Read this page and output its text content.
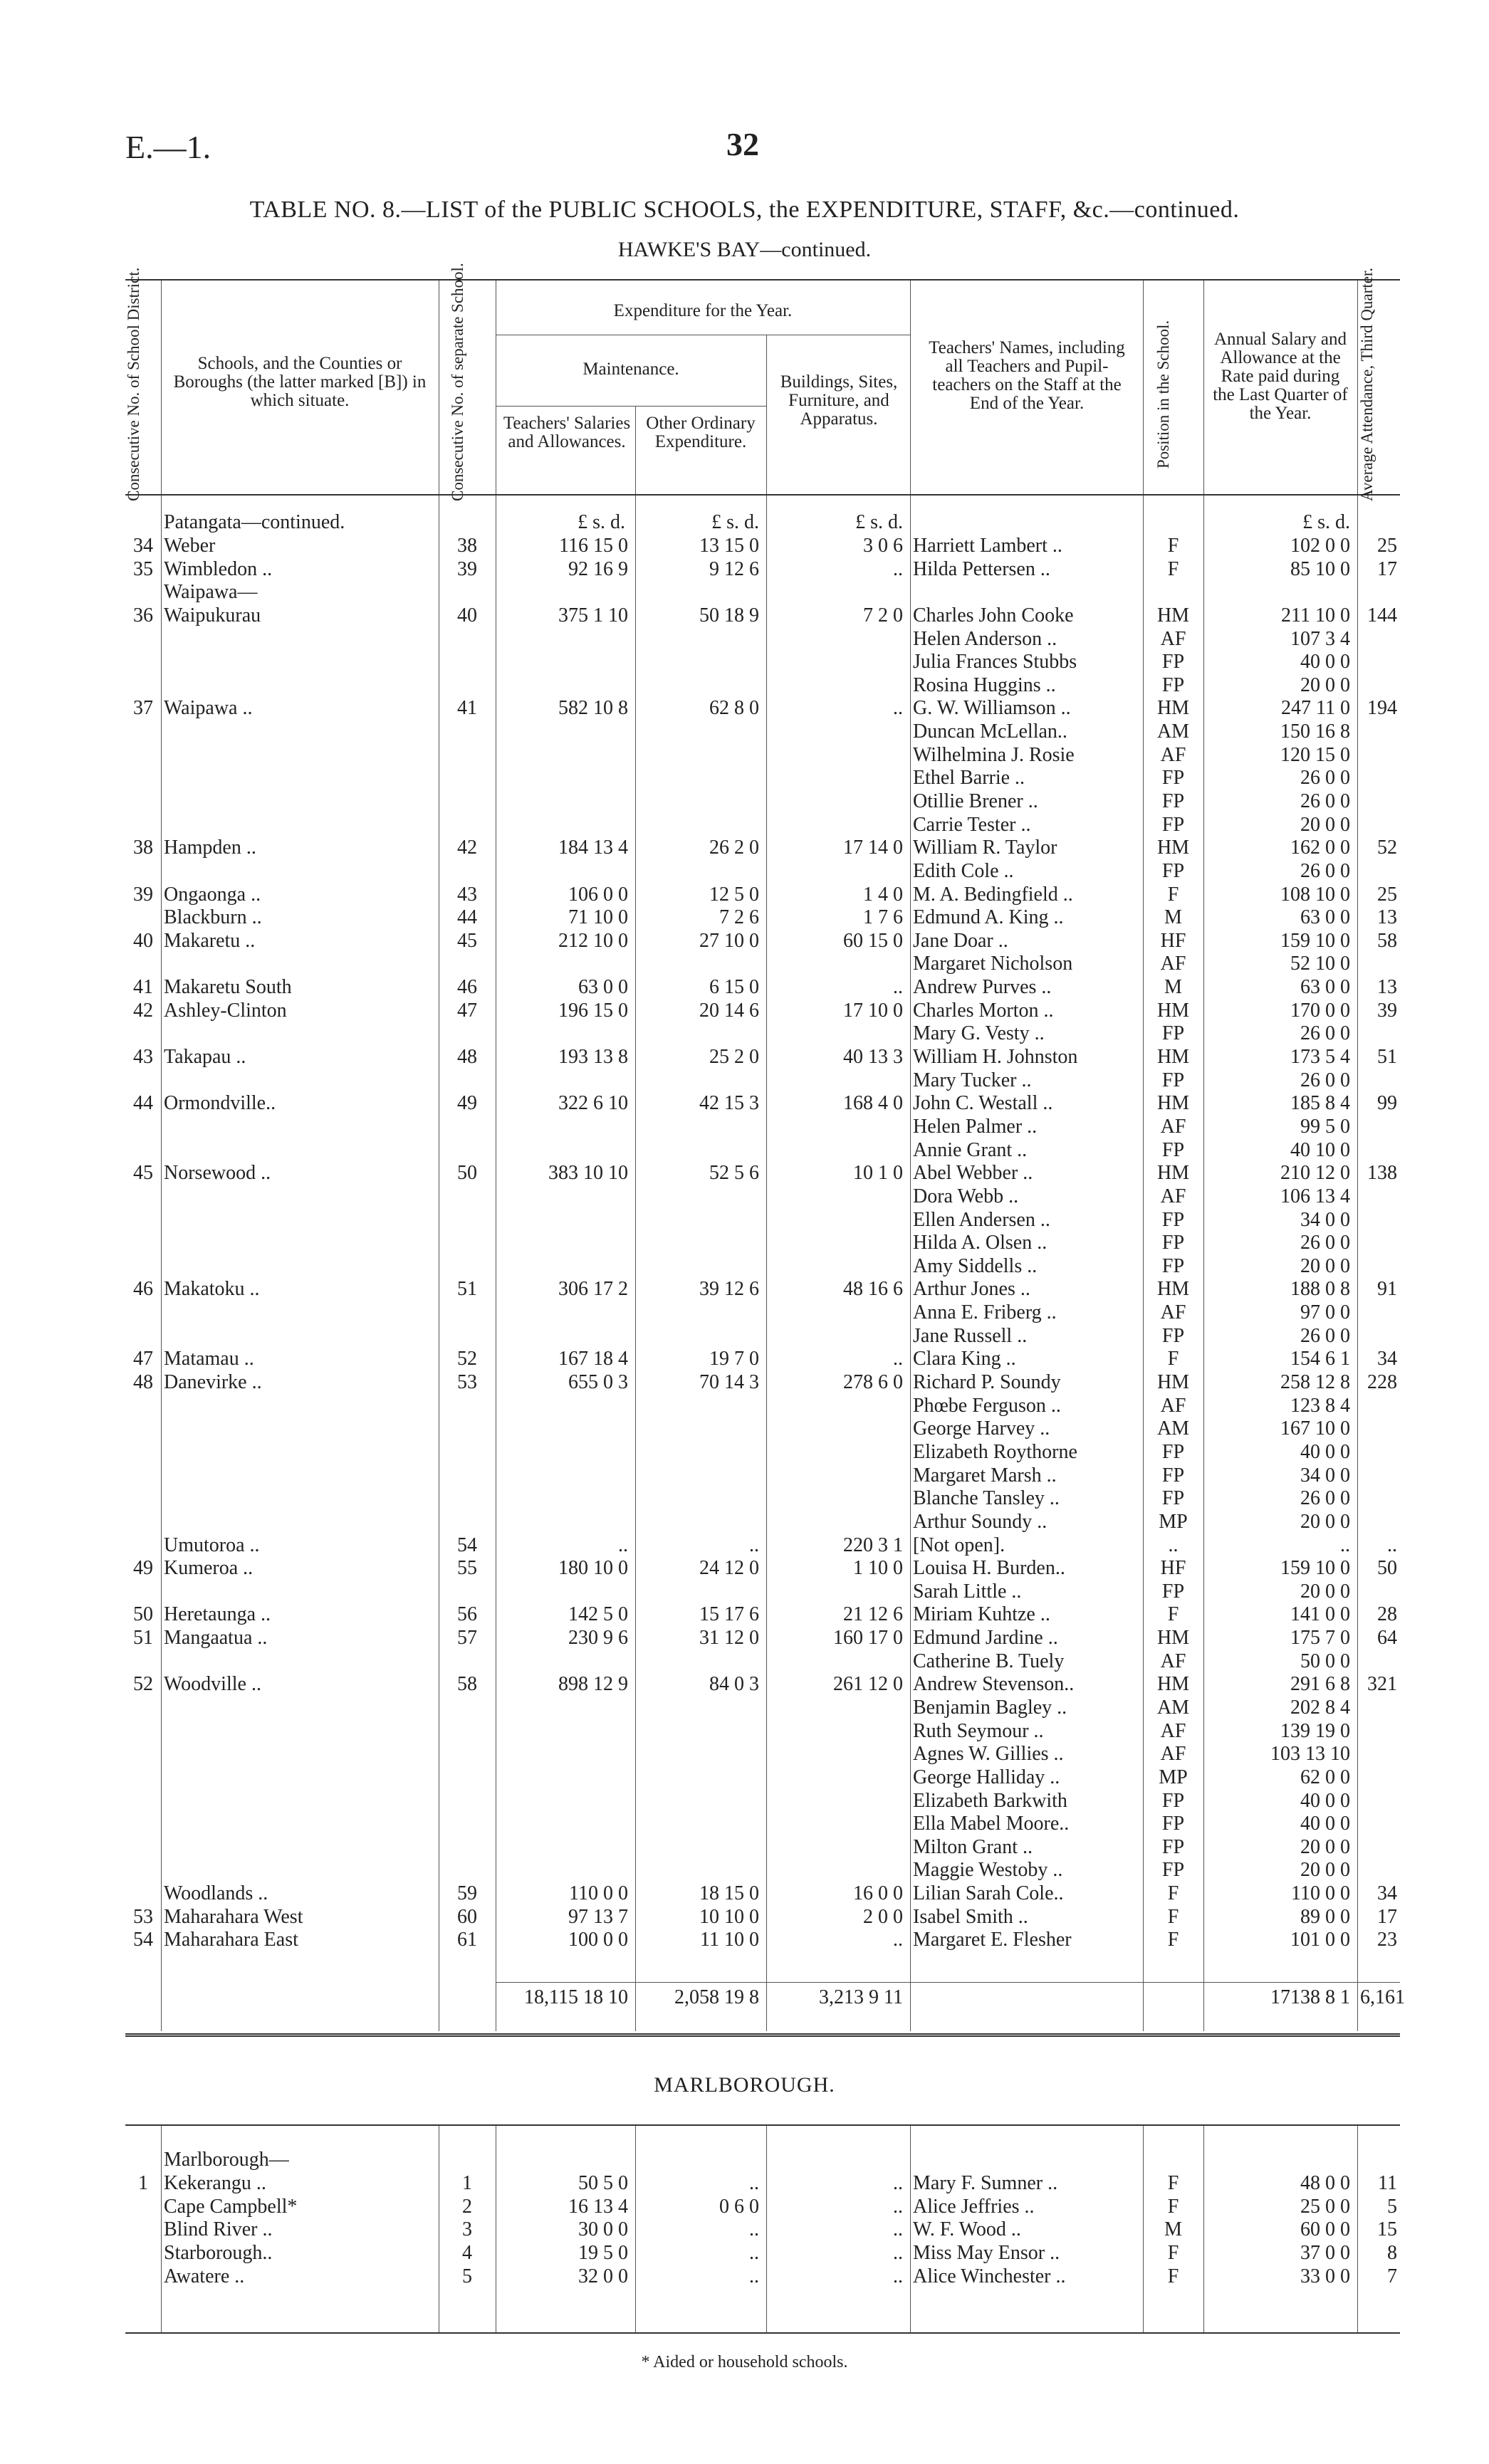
E.—1.	32
TABLE NO. 8.—LIST of the PUBLIC SCHOOLS, the EXPENDITURE, STAFF, &c.—continued.
HAWKE'S BAY—continued.
Consecutive No. of School District.	Schools, and the Counties or Boroughs (the latter marked [B]) in which situate.	Consecutive No. of separate School.	Expenditure for the Year.
Maintenance.
Teachers' Salaries and Allowances.
Other Ordinary Expenditure.
Buildings, Sites, Furniture, and Apparatus.
Teachers' Names, including all Teachers and Pupil-teachers on the Staff at the End of the Year.	Position in the School.	Annual Salary and Allowance at the Rate paid during the Last Quarter of the Year.	Average Attendance, Third Quarter.
£ s. d.	£ s. d.	£ s. d.	£ s. d.
	Patangata—continued.								
34	Weber	38	116 15 0	13 15 0	3 0 6	Harriett Lambert ..	F	102 0 0	25
35	Wimbledon ..	39	92 16 9	9 12 6	..	Hilda Pettersen ..	F	85 10 0	17
	Waipawa—								
36	Waipukurau	40	375 1 10	50 18 9	7 2 0	Charles John Cooke	HM	211 10 0	144
						Helen Anderson ..	AF	107 3 4	
						Julia Frances Stubbs	FP	40 0 0	
						Rosina Huggins ..	FP	20 0 0	
37	Waipawa ..	41	582 10 8	62 8 0	..	G. W. Williamson ..	HM	247 11 0	194
						Duncan McLellan..	AM	150 16 8	
						Wilhelmina J. Rosie	AF	120 15 0	
						Ethel Barrie ..	FP	26 0 0	
						Otillie Brener ..	FP	26 0 0	
						Carrie Tester ..	FP	20 0 0	
38	Hampden ..	42	184 13 4	26 2 0	17 14 0	William R. Taylor	HM	162 0 0	52
						Edith Cole ..	FP	26 0 0	
39	Ongaonga ..	43	106 0 0	12 5 0	1 4 0	M. A. Bedingfield ..	F	108 10 0	25
	Blackburn ..	44	71 10 0	7 2 6	1 7 6	Edmund A. King ..	M	63 0 0	13
40	Makaretu ..	45	212 10 0	27 10 0	60 15 0	Jane Doar ..	HF	159 10 0	58
						Margaret Nicholson	AF	52 10 0	
41	Makaretu South	46	63 0 0	6 15 0	..	Andrew Purves ..	M	63 0 0	13
42	Ashley-Clinton	47	196 15 0	20 14 6	17 10 0	Charles Morton ..	HM	170 0 0	39
						Mary G. Vesty ..	FP	26 0 0	
43	Takapau ..	48	193 13 8	25 2 0	40 13 3	William H. Johnston	HM	173 5 4	51
						Mary Tucker ..	FP	26 0 0	
44	Ormondville..	49	322 6 10	42 15 3	168 4 0	John C. Westall ..	HM	185 8 4	99
						Helen Palmer ..	AF	99 5 0	
						Annie Grant ..	FP	40 10 0	
45	Norsewood ..	50	383 10 10	52 5 6	10 1 0	Abel Webber ..	HM	210 12 0	138
						Dora Webb ..	AF	106 13 4	
						Ellen Andersen ..	FP	34 0 0	
						Hilda A. Olsen ..	FP	26 0 0	
						Amy Siddells ..	FP	20 0 0	
46	Makatoku ..	51	306 17 2	39 12 6	48 16 6	Arthur Jones ..	HM	188 0 8	91
						Anna E. Friberg ..	AF	97 0 0	
						Jane Russell ..	FP	26 0 0	
47	Matamau ..	52	167 18 4	19 7 0	..	Clara King ..	F	154 6 1	34
48	Danevirke ..	53	655 0 3	70 14 3	278 6 0	Richard P. Soundy	HM	258 12 8	228
						Phœbe Ferguson ..	AF	123 8 4	
						George Harvey ..	AM	167 10 0	
						Elizabeth Roythorne	FP	40 0 0	
						Margaret Marsh ..	FP	34 0 0	
						Blanche Tansley ..	FP	26 0 0	
						Arthur Soundy ..	MP	20 0 0	
	Umutoroa ..	54	..	..	220 3 1	[Not open].	..	..	..
49	Kumeroa ..	55	180 10 0	24 12 0	1 10 0	Louisa H. Burden..	HF	159 10 0	50
						Sarah Little ..	FP	20 0 0	
50	Heretaunga ..	56	142 5 0	15 17 6	21 12 6	Miriam Kuhtze ..	F	141 0 0	28
51	Mangaatua ..	57	230 9 6	31 12 0	160 17 0	Edmund Jardine ..	HM	175 7 0	64
						Catherine B. Tuely	AF	50 0 0	
52	Woodville ..	58	898 12 9	84 0 3	261 12 0	Andrew Stevenson..	HM	291 6 8	321
						Benjamin Bagley ..	AM	202 8 4	
						Ruth Seymour ..	AF	139 19 0	
						Agnes W. Gillies ..	AF	103 13 10	
						George Halliday ..	MP	62 0 0	
						Elizabeth Barkwith	FP	40 0 0	
						Ella Mabel Moore..	FP	40 0 0	
						Milton Grant ..	FP	20 0 0	
						Maggie Westoby ..	FP	20 0 0	
	Woodlands ..	59	110 0 0	18 15 0	16 0 0	Lilian Sarah Cole..	F	110 0 0	34
53	Maharahara West	60	97 13 7	10 10 0	2 0 0	Isabel Smith ..	F	89 0 0	17
54	Maharahara East	61	100 0 0	11 10 0	..	Margaret E. Flesher	F	101 0 0	23

			18,115 18 10	2,058 19 8	3,213 9 11			17138 8 1	6,161
MARLBOROUGH.
	Marlborough—								
1	Kekerangu ..	1	50 5 0	..	..	Mary F. Sumner ..	F	48 0 0	11
	Cape Campbell*	2	16 13 4	0 6 0	..	Alice Jeffries ..	F	25 0 0	5
	Blind River ..	3	30 0 0	..	..	W. F. Wood ..	M	60 0 0	15
	Starborough..	4	19 5 0	..	..	Miss May Ensor ..	F	37 0 0	8
	Awatere ..	5	32 0 0	..	..	Alice Winchester ..	F	33 0 0	7
* Aided or household schools.
